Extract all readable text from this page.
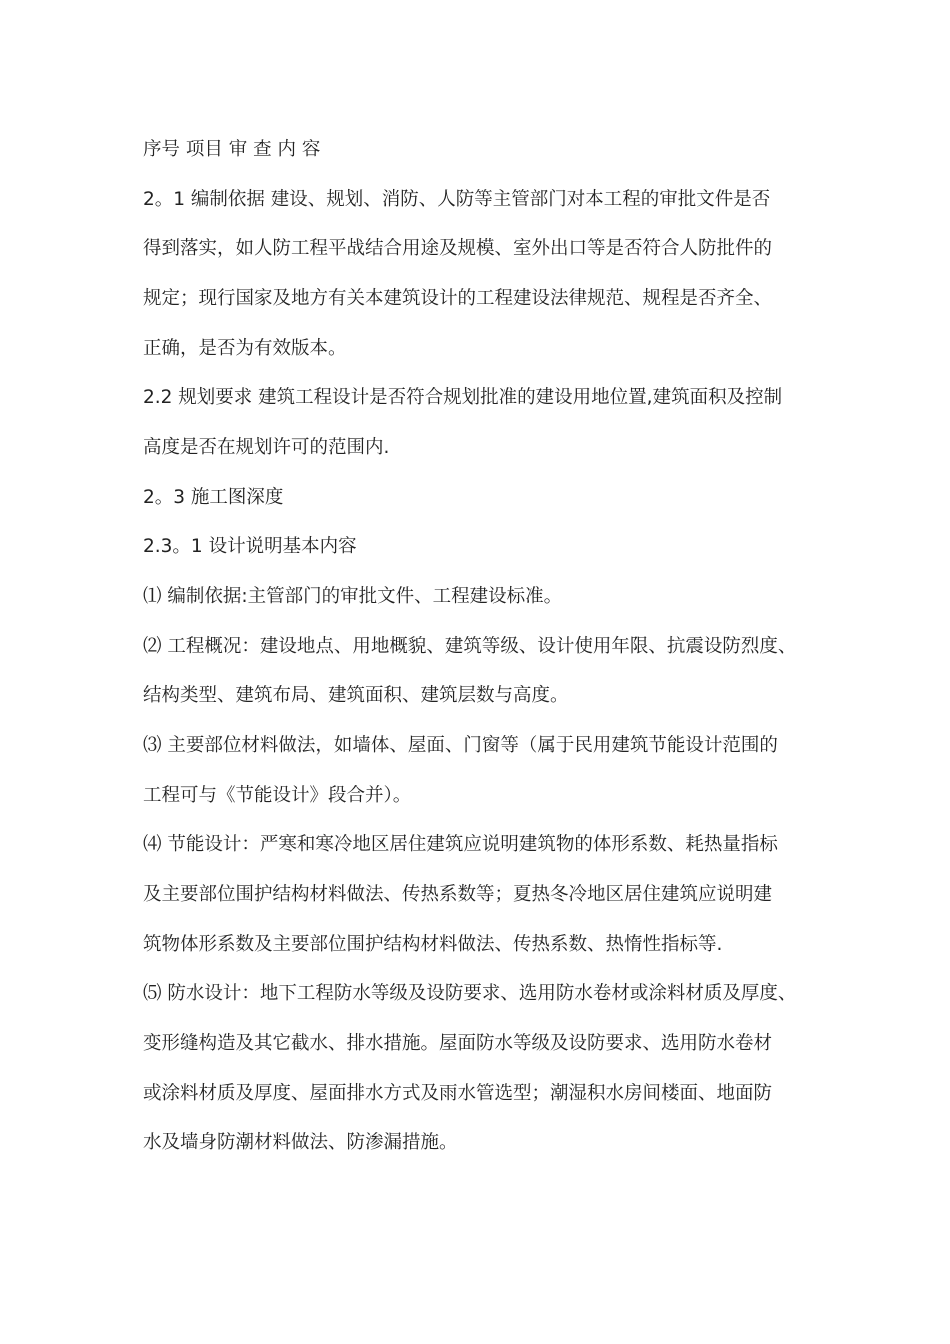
序号 项目 审 查 内 容
2。1 编制依据 建设、规划、消防、人防等主管部门对本工程的审批文件是否
得到落实，如人防工程平战结合用途及规模、室外出口等是否符合人防批件的
规定；现行国家及地方有关本建筑设计的工程建设法律规范、规程是否齐全、
正确，是否为有效版本。
2.2 规划要求 建筑工程设计是否符合规划批准的建设用地位置,建筑面积及控制
高度是否在规划许可的范围内.
2。3 施工图深度
2.3。1 设计说明基本内容
⑴ 编制依据:主管部门的审批文件、工程建设标准。
⑵ 工程概况：建设地点、用地概貌、建筑等级、设计使用年限、抗震设防烈度、
结构类型、建筑布局、建筑面积、建筑层数与高度。
⑶ 主要部位材料做法，如墙体、屋面、门窗等（属于民用建筑节能设计范围的
工程可与《节能设计》段合并）。
⑷ 节能设计：严寒和寒冷地区居住建筑应说明建筑物的体形系数、耗热量指标
及主要部位围护结构材料做法、传热系数等；夏热冬冷地区居住建筑应说明建
筑物体形系数及主要部位围护结构材料做法、传热系数、热惰性指标等.
⑸ 防水设计：地下工程防水等级及设防要求、选用防水卷材或涂料材质及厚度、
变形缝构造及其它截水、排水措施。屋面防水等级及设防要求、选用防水卷材
或涂料材质及厚度、屋面排水方式及雨水管选型；潮湿积水房间楼面、地面防
水及墙身防潮材料做法、防渗漏措施。
